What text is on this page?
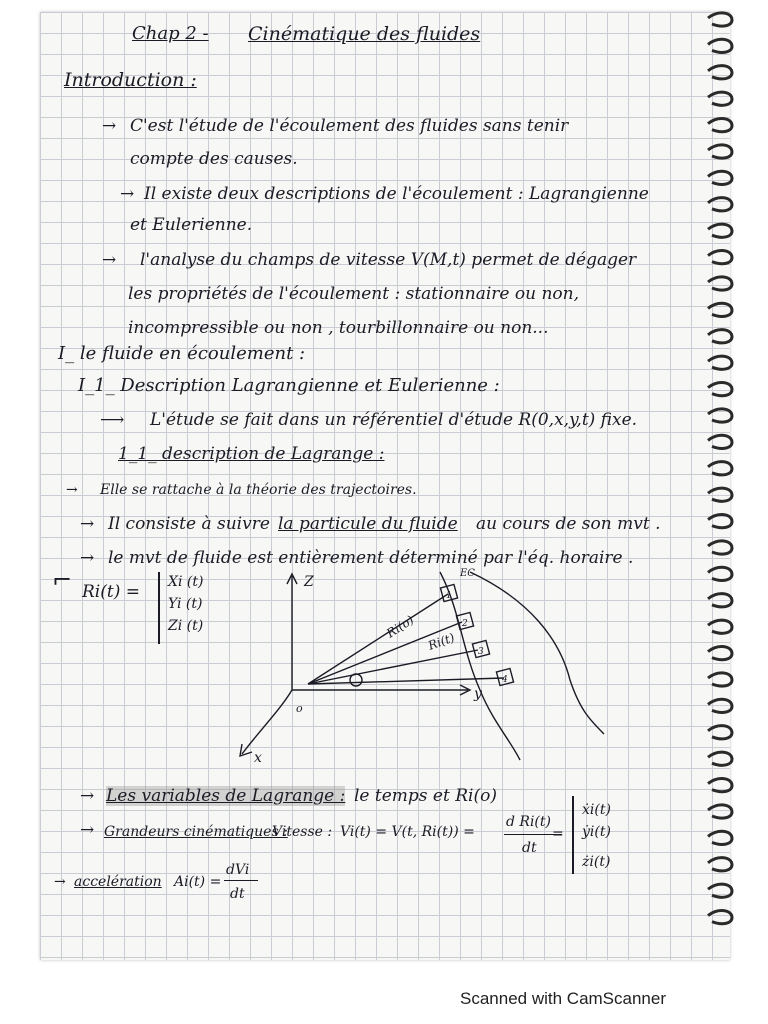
Chap 2 - Cinématique des fluides
Introduction :
→ C'est l'étude de l'écoulement des fluides sans tenir
compte des causes.
→ Il existe deux descriptions de l'écoulement : Lagrangienne
et Eulerienne.
→ l'analyse du champs de vitesse V(M,t) permet de dégager
les propriétés de l'écoulement : stationnaire ou non,
incompressible ou non , tourbillonnaire ou non...
I_ le fluide en écoulement :
I_1_ Description Lagrangienne et Eulerienne :
⟶ L'étude se fait dans un référentiel d'étude R(0,x,y,t) fixe.
1_1_ description de Lagrange :
→ Elle se rattache à la théorie des trajectoires.
→ Il consiste à suivre la particule du fluide au cours de son mvt .
→ le mvt de fluide est entièrement déterminé par l'éq. horaire .
⌐ Ri(t) = Xi (t)
Yi (t)
Zi (t)
Z
y
x
o
Ri(o)
Ri(t)
EC
1
2
3
4
→ Les variables de Lagrange : le temps et Ri(o)
→ Grandeurs cinématiques :
Vitesse : Vi(t) = V(t, Ri(t)) =
d Ri(t)
dt
=
ẋi(t)
ẏi(t)
żi(t)
→ accelération Ai(t) =
dVi
dt
Scanned with CamScanner
